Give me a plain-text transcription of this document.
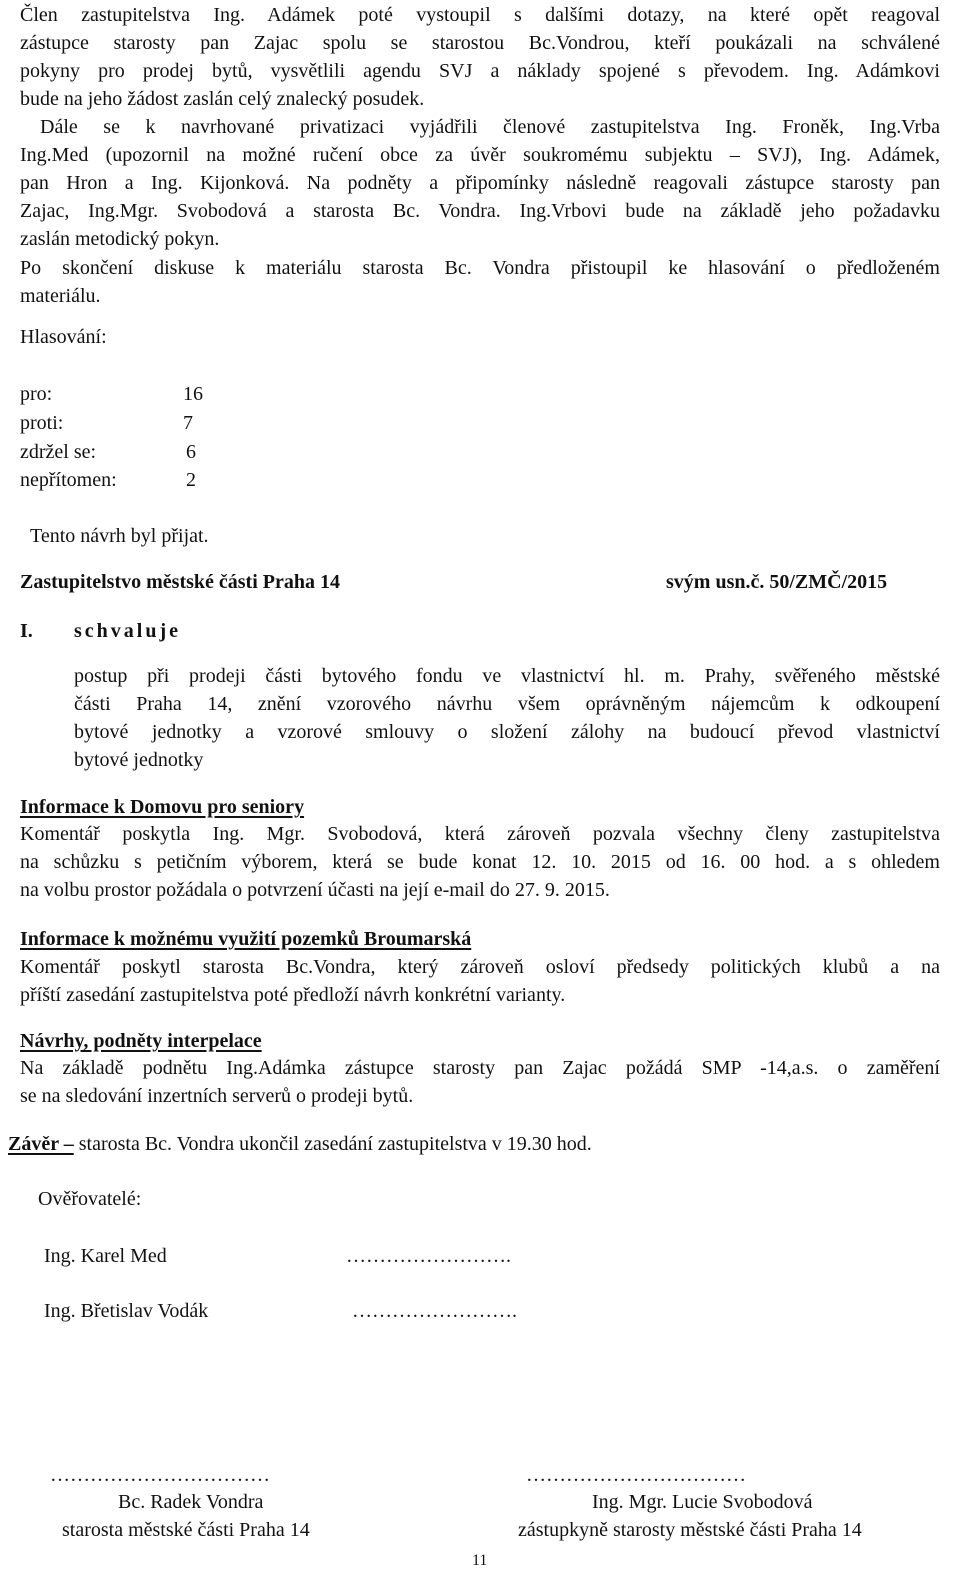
Člen zastupitelstva Ing. Adámek poté vystoupil s dalšími dotazy, na které opět reagoval
zástupce starosty pan Zajac spolu se starostou Bc.Vondrou, kteří poukázali na schválené
pokyny pro prodej bytů, vysvětlili agendu SVJ a náklady spojené s převodem. Ing. Adámkovi
bude na jeho žádost zaslán celý znalecký posudek.
Dále se k navrhované privatizaci vyjádřili členové zastupitelstva Ing. Froněk, Ing.Vrba
Ing.Med (upozornil na možné ručení obce za úvěr soukromému subjektu – SVJ), Ing. Adámek,
pan Hron a Ing. Kijonková. Na podněty a připomínky následně reagovali zástupce starosty pan
Zajac, Ing.Mgr. Svobodová a starosta Bc. Vondra. Ing.Vrbovi bude na základě jeho požadavku
zaslán metodický pokyn.
Po skončení diskuse k materiálu starosta Bc. Vondra přistoupil ke hlasování o předloženém
materiálu.
Hlasování:
pro:	16
proti:	7
zdržel se:	6
nepřítomen:	2
Tento návrh byl přijat.
Zastupitelstvo městské části Praha 14	svým usn.č. 50/ZMČ/2015
I. schvaluje
postup při prodeji části bytového fondu ve vlastnictví hl. m. Prahy, svěřeného městské
části Praha 14, znění vzorového návrhu všem oprávněným nájemcům k odkoupení
bytové jednotky a vzorové smlouvy o složení zálohy na budoucí převod vlastnictví
bytové jednotky
Informace k Domovu pro seniory
Komentář poskytla Ing. Mgr. Svobodová, která zároveň pozvala všechny členy zastupitelstva
na schůzku s petičním výborem, která se bude konat 12. 10. 2015 od 16. 00 hod. a s ohledem
na volbu prostor požádala o potvrzení účasti na její e-mail do 27. 9. 2015.
Informace k možnému využití pozemků Broumarská
Komentář poskytl starosta Bc.Vondra, který zároveň osloví předsedy politických klubů a na
příští zasedání zastupitelstva poté předloží návrh konkrétní varianty.
Návrhy, podněty interpelace
Na základě podnětu Ing.Adámka zástupce starosty pan Zajac požádá SMP -14,a.s. o zaměření
se na sledování inzertních serverů o prodeji bytů.
Závěr – starosta Bc. Vondra ukončil zasedání zastupitelstva v 19.30 hod.
Ověřovatelé:
Ing. Karel Med	…………………….
Ing. Břetislav Vodák	…………………….
……………………………
Bc. Radek Vondra
starosta městské části Praha 14
……………………………
Ing. Mgr. Lucie Svobodová
zástupkyně starosty městské části Praha 14
11
